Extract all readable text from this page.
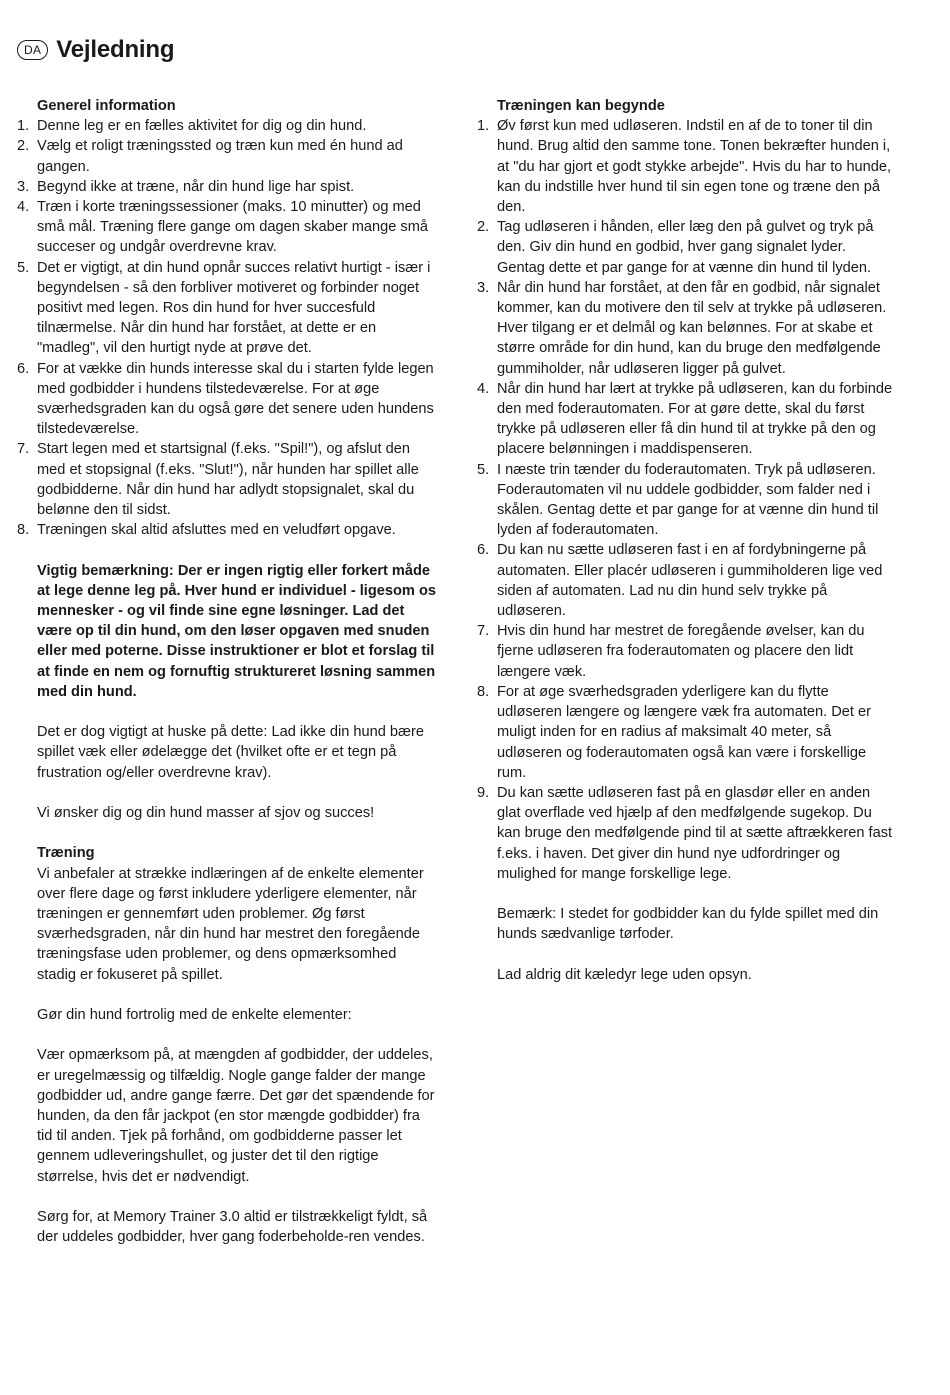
DA Vejledning
Generel information
1. Denne leg er en fælles aktivitet for dig og din hund.
2. Vælg et roligt træningssted og træn kun med én hund ad gangen.
3. Begynd ikke at træne, når din hund lige har spist.
4. Træn i korte træningssessioner (maks. 10 minutter) og med små mål. Træning flere gange om dagen skaber mange små succeser og undgår overdrevne krav.
5. Det er vigtigt, at din hund opnår succes relativt hurtigt - især i begyndelsen - så den forbliver motiveret og forbinder noget positivt med legen. Ros din hund for hver succesfuld tilnærmelse. Når din hund har forstået, at dette er en "madleg", vil den hurtigt nyde at prøve det.
6. For at vække din hunds interesse skal du i starten fylde legen med godbidder i hundens tilstedeværelse. For at øge sværhedsgraden kan du også gøre det senere uden hundens tilstedeværelse.
7. Start legen med et startsignal (f.eks. "Spil!"), og afslut den med et stopsignal (f.eks. "Slut!"), når hunden har spillet alle godbidderne. Når din hund har adlydt stopsignalet, skal du belønne den til sidst.
8. Træningen skal altid afsluttes med en veludført opgave.
Vigtig bemærkning: Der er ingen rigtig eller forkert måde at lege denne leg på. Hver hund er individuel - ligesom os mennesker - og vil finde sine egne løsninger. Lad det være op til din hund, om den løser opgaven med snuden eller med poterne. Disse instruktioner er blot et forslag til at finde en nem og fornuftig struktureret løsning sammen med din hund.
Det er dog vigtigt at huske på dette: Lad ikke din hund bære spillet væk eller ødelægge det (hvilket ofte er et tegn på frustration og/eller overdrevne krav).
Vi ønsker dig og din hund masser af sjov og succes!
Træning
Vi anbefaler at strække indlæringen af de enkelte elementer over flere dage og først inkludere yderligere elementer, når træningen er gennemført uden problemer. Øg først sværhedsgraden, når din hund har mestret den foregående træningsfase uden problemer, og dens opmærksomhed stadig er fokuseret på spillet.
Gør din hund fortrolig med de enkelte elementer:
Vær opmærksom på, at mængden af godbidder, der uddeles, er uregelmæssig og tilfældig. Nogle gange falder der mange godbidder ud, andre gange færre. Det gør det spændende for hunden, da den får jackpot (en stor mængde godbidder) fra tid til anden. Tjek på forhånd, om godbidderne passer let gennem udleveringshullet, og juster det til den rigtige størrelse, hvis det er nødvendigt.
Sørg for, at Memory Trainer 3.0 altid er tilstrækkeligt fyldt, så der uddeles godbidder, hver gang foderbeholde-ren vendes.
Træningen kan begynde
1. Øv først kun med udløseren. Indstil en af de to toner til din hund. Brug altid den samme tone. Tonen bekræfter hunden i, at "du har gjort et godt stykke arbejde". Hvis du har to hunde, kan du indstille hver hund til sin egen tone og træne den på den.
2. Tag udløseren i hånden, eller læg den på gulvet og tryk på den. Giv din hund en godbid, hver gang signalet lyder. Gentag dette et par gange for at vænne din hund til lyden.
3. Når din hund har forstået, at den får en godbid, når signalet kommer, kan du motivere den til selv at trykke på udløseren. Hver tilgang er et delmål og kan belønnes. For at skabe et større område for din hund, kan du bruge den medfølgende gummiholder, når udløseren ligger på gulvet.
4. Når din hund har lært at trykke på udløseren, kan du forbinde den med foderautomaten. For at gøre dette, skal du først trykke på udløseren eller få din hund til at trykke på den og placere belønningen i maddispenseren.
5. I næste trin tænder du foderautomaten. Tryk på udløseren. Foderautomaten vil nu uddele godbidder, som falder ned i skålen. Gentag dette et par gange for at vænne din hund til lyden af foderautomaten.
6. Du kan nu sætte udløseren fast i en af fordybningerne på automaten. Eller placér udløseren i gummiholderen lige ved siden af automaten. Lad nu din hund selv trykke på udløseren.
7. Hvis din hund har mestret de foregående øvelser, kan du fjerne udløseren fra foderautomaten og placere den lidt længere væk.
8. For at øge sværhedsgraden yderligere kan du flytte udløseren længere og længere væk fra automaten. Det er muligt inden for en radius af maksimalt 40 meter, så udløseren og foderautomaten også kan være i forskellige rum.
9. Du kan sætte udløseren fast på en glasdør eller en anden glat overflade ved hjælp af den medfølgende sugekop. Du kan bruge den medfølgende pind til at sætte aftrækkeren fast f.eks. i haven. Det giver din hund nye udfordringer og mulighed for mange forskellige lege.
Bemærk: I stedet for godbidder kan du fylde spillet med din hunds sædvanlige tørfoder.
Lad aldrig dit kæledyr lege uden opsyn.
